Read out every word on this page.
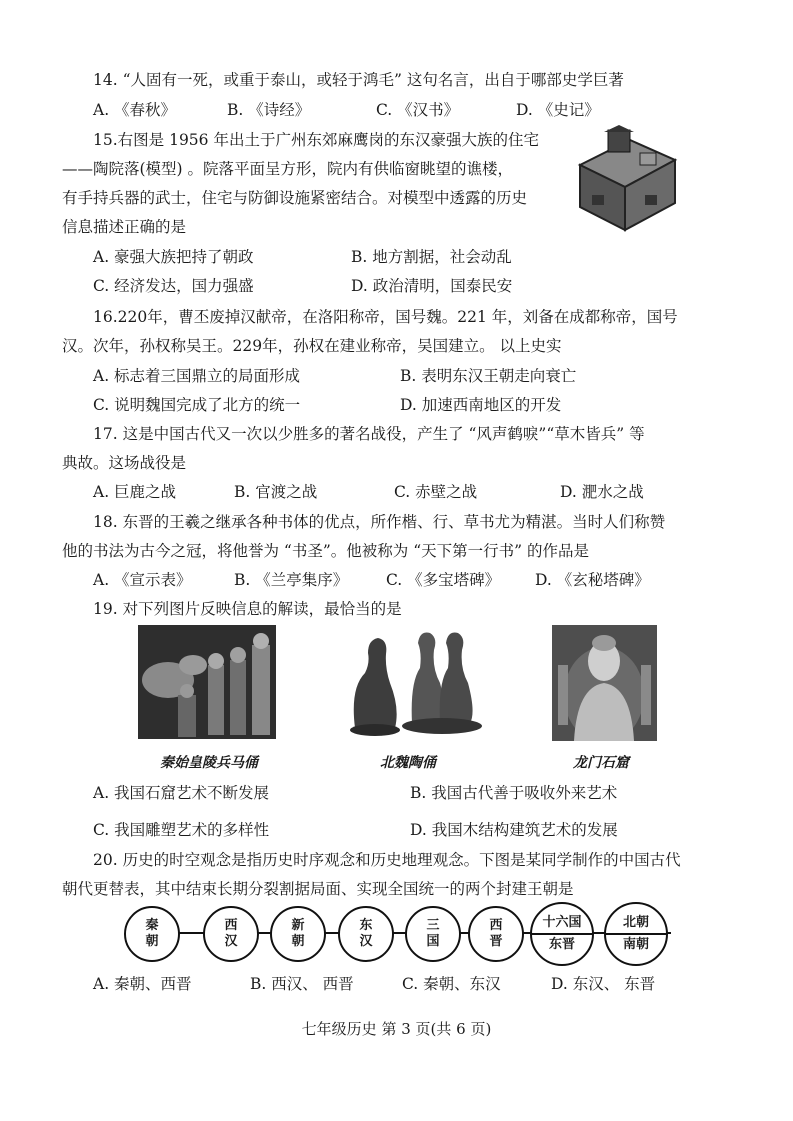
14. “人固有一死，或重于泰山，或轻于鸿毛” 这句名言，出自于哪部史学巨著
A. 《春秋》	B. 《诗经》	C. 《汉书》	D. 《史记》
15.右图是 1956 年出土于广州东郊麻鹰岗的东汉豪强大族的住宅
——陶院落(模型) 。院落平面呈方形，院内有供临窗眺望的谯楼，
有手持兵器的武士，住宅与防御设施紧密结合。对模型中透露的历史
信息描述正确的是
A. 豪强大族把持了朝政	B. 地方割据，社会动乱
C. 经济发达，国力强盛	D. 政治清明，国泰民安
16.220年，曹丕废掉汉献帝，在洛阳称帝，国号魏。221 年，刘备在成都称帝，国号
汉。次年，孙权称吴王。229年，孙权在建业称帝，吴国建立。 以上史实
A. 标志着三国鼎立的局面形成	B. 表明东汉王朝走向衰亡
C. 说明魏国完成了北方的统一	D. 加速西南地区的开发
17. 这是中国古代又一次以少胜多的著名战役，产生了 “风声鹤唳”“草木皆兵” 等
典故。这场战役是
A. 巨鹿之战	B. 官渡之战	C. 赤壁之战	D. 淝水之战
18. 东晋的王羲之继承各种书体的优点，所作楷、行、草书尤为精湛。当时人们称赞
他的书法为古今之冠，将他誉为 “书圣”。他被称为 “天下第一行书” 的作品是
A. 《宣示表》	B. 《兰亭集序》 C. 《多宝塔碑》 D. 《玄秘塔碑》
19. 对下列图片反映信息的解读，最恰当的是
秦始皇陵兵马俑	北魏陶俑	龙门石窟
A. 我国石窟艺术不断发展	B. 我国古代善于吸收外来艺术
C. 我国雕塑艺术的多样性	D. 我国木结构建筑艺术的发展
20. 历史的时空观念是指历史时序观念和历史地理观念。下图是某同学制作的中国古代
朝代更替表，其中结束长期分裂割据局面、实现全国统一的两个封建王朝是
秦
朝
西
汉
新
朝
东
汉
三
国
西
晋
十六国
东晋
北朝
南朝
A. 秦朝、西晋	B. 西汉、 西晋	C. 秦朝、东汉	D. 东汉、 东晋
七年级历史 第 3 页(共 6 页)
